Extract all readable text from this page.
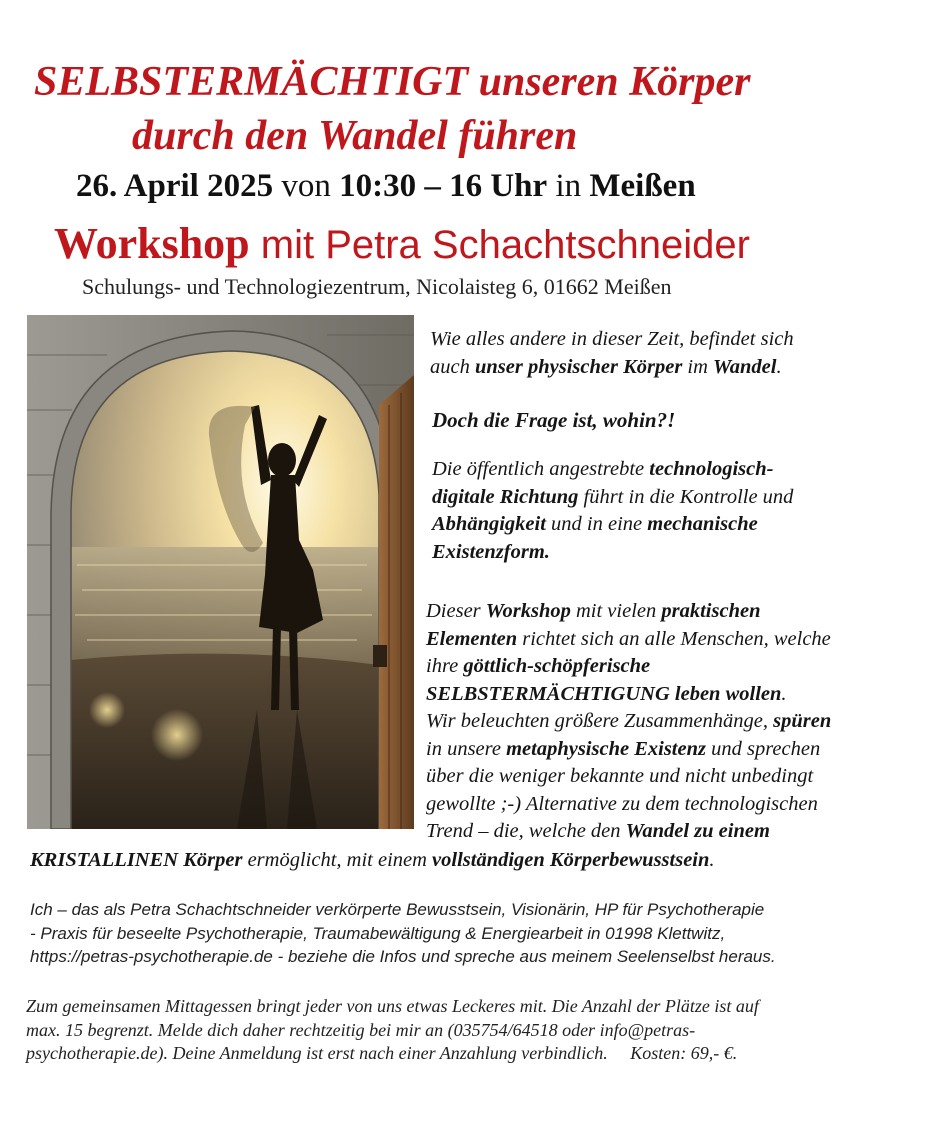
SELBSTERMÄCHTIGT unseren Körper
durch den Wandel führen
26. April 2025 von 10:30 – 16 Uhr in Meißen
Workshop mit Petra Schachtschneider
Schulungs- und Technologiezentrum, Nicolaisteg 6, 01662 Meißen

Wie alles andere in dieser Zeit, befindet sich
auch unser physischer Körper im Wandel.

Doch die Frage ist, wohin?!

Die öffentlich angestrebte technologisch-
digitale Richtung führt in die Kontrolle und
Abhängigkeit und in eine mechanische
Existenzform.

Dieser Workshop mit vielen praktischen
Elementen richtet sich an alle Menschen, welche
ihre göttlich-schöpferische
SELBSTERMÄCHTIGUNG leben wollen.
Wir beleuchten größere Zusammenhänge, spüren
in unsere metaphysische Existenz und sprechen
über die weniger bekannte und nicht unbedingt
gewollte ;-) Alternative zu dem technologischen
Trend – die, welche den Wandel zu einem

KRISTALLINEN Körper ermöglicht, mit einem vollständigen Körperbewusstsein.

Ich – das als Petra Schachtschneider verkörperte Bewusstsein, Visionärin, HP für Psychotherapie
- Praxis für beseelte Psychotherapie, Traumabewältigung & Energiearbeit in 01998 Klettwitz,
https://petras-psychotherapie.de - beziehe die Infos und spreche aus meinem Seelenselbst heraus.

Zum gemeinsamen Mittagessen bringt jeder von uns etwas Leckeres mit. Die Anzahl der Plätze ist auf
max. 15 begrenzt. Melde dich daher rechtzeitig bei mir an (035754/64518 oder info@petras-
psychotherapie.de). Deine Anmeldung ist erst nach einer Anzahlung verbindlich. Kosten: 69,- €.
